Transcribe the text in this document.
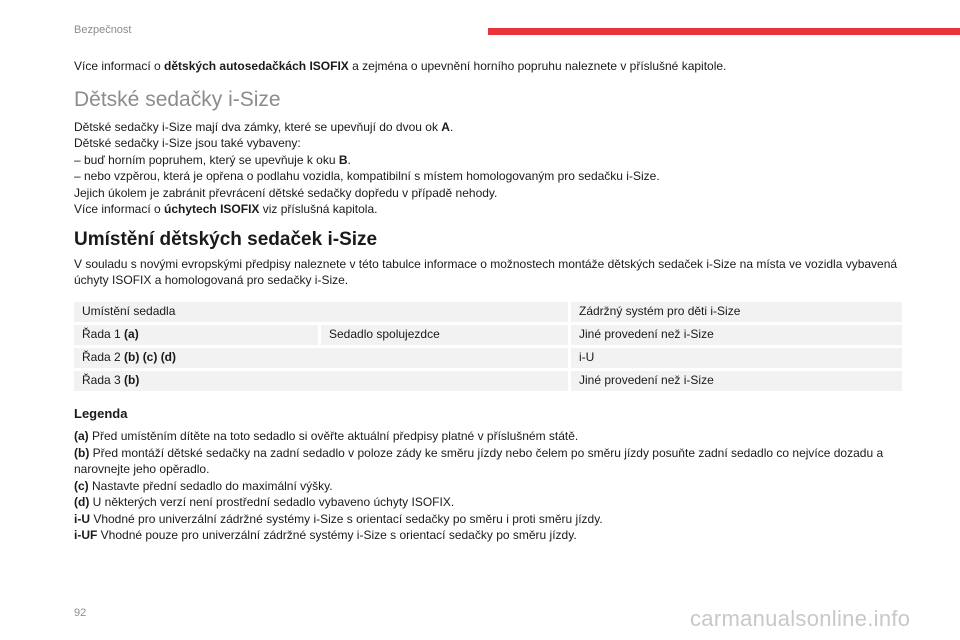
Bezpečnost

Více informací o dětských autosedačkách ISOFIX a zejména o upevnění horního popruhu naleznete v příslušné kapitole.

Dětské sedačky i-Size

Dětské sedačky i-Size mají dva zámky, které se upevňují do dvou ok A.

Dětské sedačky i-Size jsou také vybaveny:

– buď horním popruhem, který se upevňuje k oku B.

– nebo vzpěrou, která je opřena o podlahu vozidla, kompatibilní s místem homologovaným pro sedačku i-Size.

Jejich úkolem je zabránit převrácení dětské sedačky dopředu v případě nehody.

Více informací o úchytech ISOFIX viz příslušná kapitola.

Umístění dětských sedaček i-Size

V souladu s novými evropskými předpisy naleznete v této tabulce informace o možnostech montáže dětských sedaček i-Size na místa ve vozidla vybavená úchyty ISOFIX a homologovaná pro sedačky i-Size.

Umístění sedadla		Zádržný systém pro děti i-Size
Řada 1 (a)	Sedadlo spolujezdce	Jiné provedení než i-Size
Řada 2 (b) (c) (d)		i-U
Řada 3 (b)		Jiné provedení než i-Size
Legenda

(a) Před umístěním dítěte na toto sedadlo si ověřte aktuální předpisy platné v příslušném státě.

(b) Před montáží dětské sedačky na zadní sedadlo v poloze zády ke směru jízdy nebo čelem po směru jízdy posuňte zadní sedadlo co nejvíce dozadu a narovnejte jeho opěradlo.

(c) Nastavte přední sedadlo do maximální výšky.

(d) U některých verzí není prostřední sedadlo vybaveno úchyty ISOFIX.

i-U Vhodné pro univerzální zádržné systémy i-Size s orientací sedačky po směru i proti směru jízdy.

i-UF Vhodné pouze pro univerzální zádržné systémy i-Size s orientací sedačky po směru jízdy.

92	carmanualsonline.info
